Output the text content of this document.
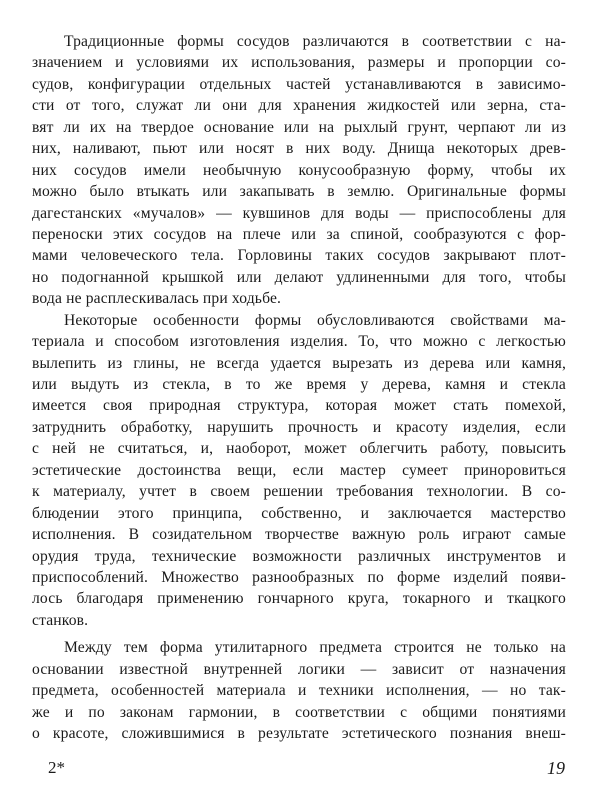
Традиционные формы сосудов различаются в соответствии с на-
значением и условиями их использования, размеры и пропорции со-
судов, конфигурации отдельных частей устанавливаются в зависимо-
сти от того, служат ли они для хранения жидкостей или зерна, ста-
вят ли их на твердое основание или на рыхлый грунт, черпают ли из
них, наливают, пьют или носят в них воду. Днища некоторых древ-
них сосудов имели необычную конусообразную форму, чтобы их
можно было втыкать или закапывать в землю. Оригинальные формы
дагестанских «мучалов» — кувшинов для воды — приспособлены для
переноски этих сосудов на плече или за спиной, сообразуются с фор-
мами человеческого тела. Горловины таких сосудов закрывают плот-
но подогнанной крышкой или делают удлиненными для того, чтобы
вода не расплескивалась при ходьбе.
Некоторые особенности формы обусловливаются свойствами ма-
териала и способом изготовления изделия. То, что можно с легкостью
вылепить из глины, не всегда удается вырезать из дерева или камня,
или выдуть из стекла, в то же время у дерева, камня и стекла
имеется своя природная структура, которая может стать помехой,
затруднить обработку, нарушить прочность и красоту изделия, если
с ней не считаться, и, наоборот, может облегчить работу, повысить
эстетические достоинства вещи, если мастер сумеет приноровиться
к материалу, учтет в своем решении требования технологии. В со-
блюдении этого принципа, собственно, и заключается мастерство
исполнения. В созидательном творчестве важную роль играют самые
орудия труда, технические возможности различных инструментов и
приспособлений. Множество разнообразных по форме изделий появи-
лось благодаря применению гончарного круга, токарного и ткацкого
станков.
Между тем форма утилитарного предмета строится не только на
основании известной внутренней логики — зависит от назначения
предмета, особенностей материала и техники исполнения, — но так-
же и по законам гармонии, в соответствии с общими понятиями
о красоте, сложившимися в результате эстетического познания внеш-
2*	19
